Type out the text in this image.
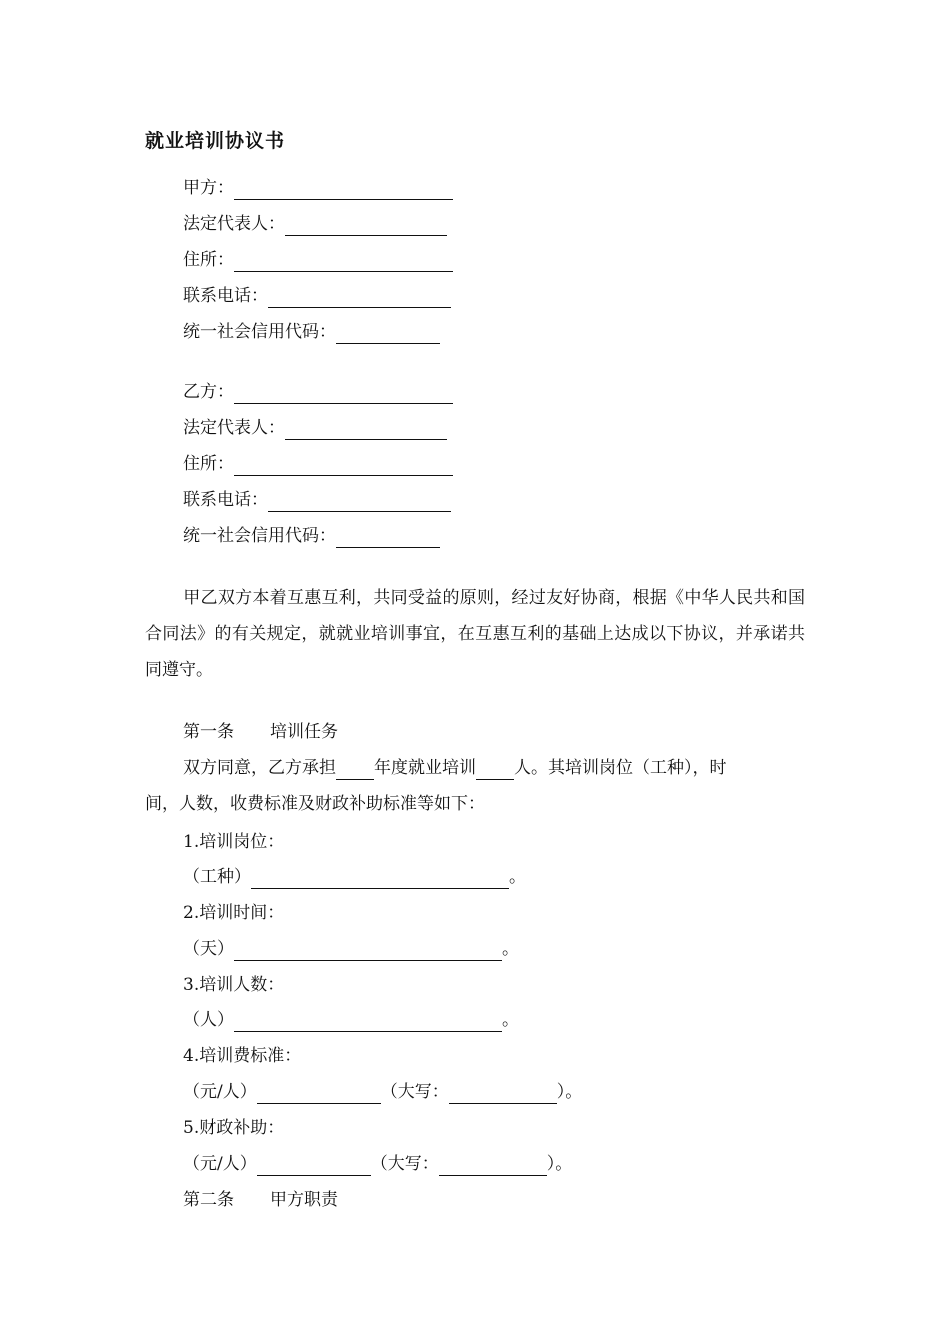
就业培训协议书
甲方：
法定代表人：
住所：
联系电话：
统一社会信用代码：
乙方：
法定代表人：
住所：
联系电话：
统一社会信用代码：
甲乙双方本着互惠互利，共同受益的原则，经过友好协商，根据《中华人民共和国合同法》的有关规定，就就业培训事宜，在互惠互利的基础上达成以下协议，并承诺共同遵守。
第一条 培训任务
双方同意，乙方承担 年度就业培训 人。其培训岗位（工种），时
间，人数，收费标准及财政补助标准等如下：
1.培训岗位：
（工种）	。
2.培训时间：
（天）	。
3.培训人数：
（人）	。
4.培训费标准：
（元/人）	（大写：	）。
5.财政补助：
（元/人）	（大写：	）。
第二条 甲方职责
